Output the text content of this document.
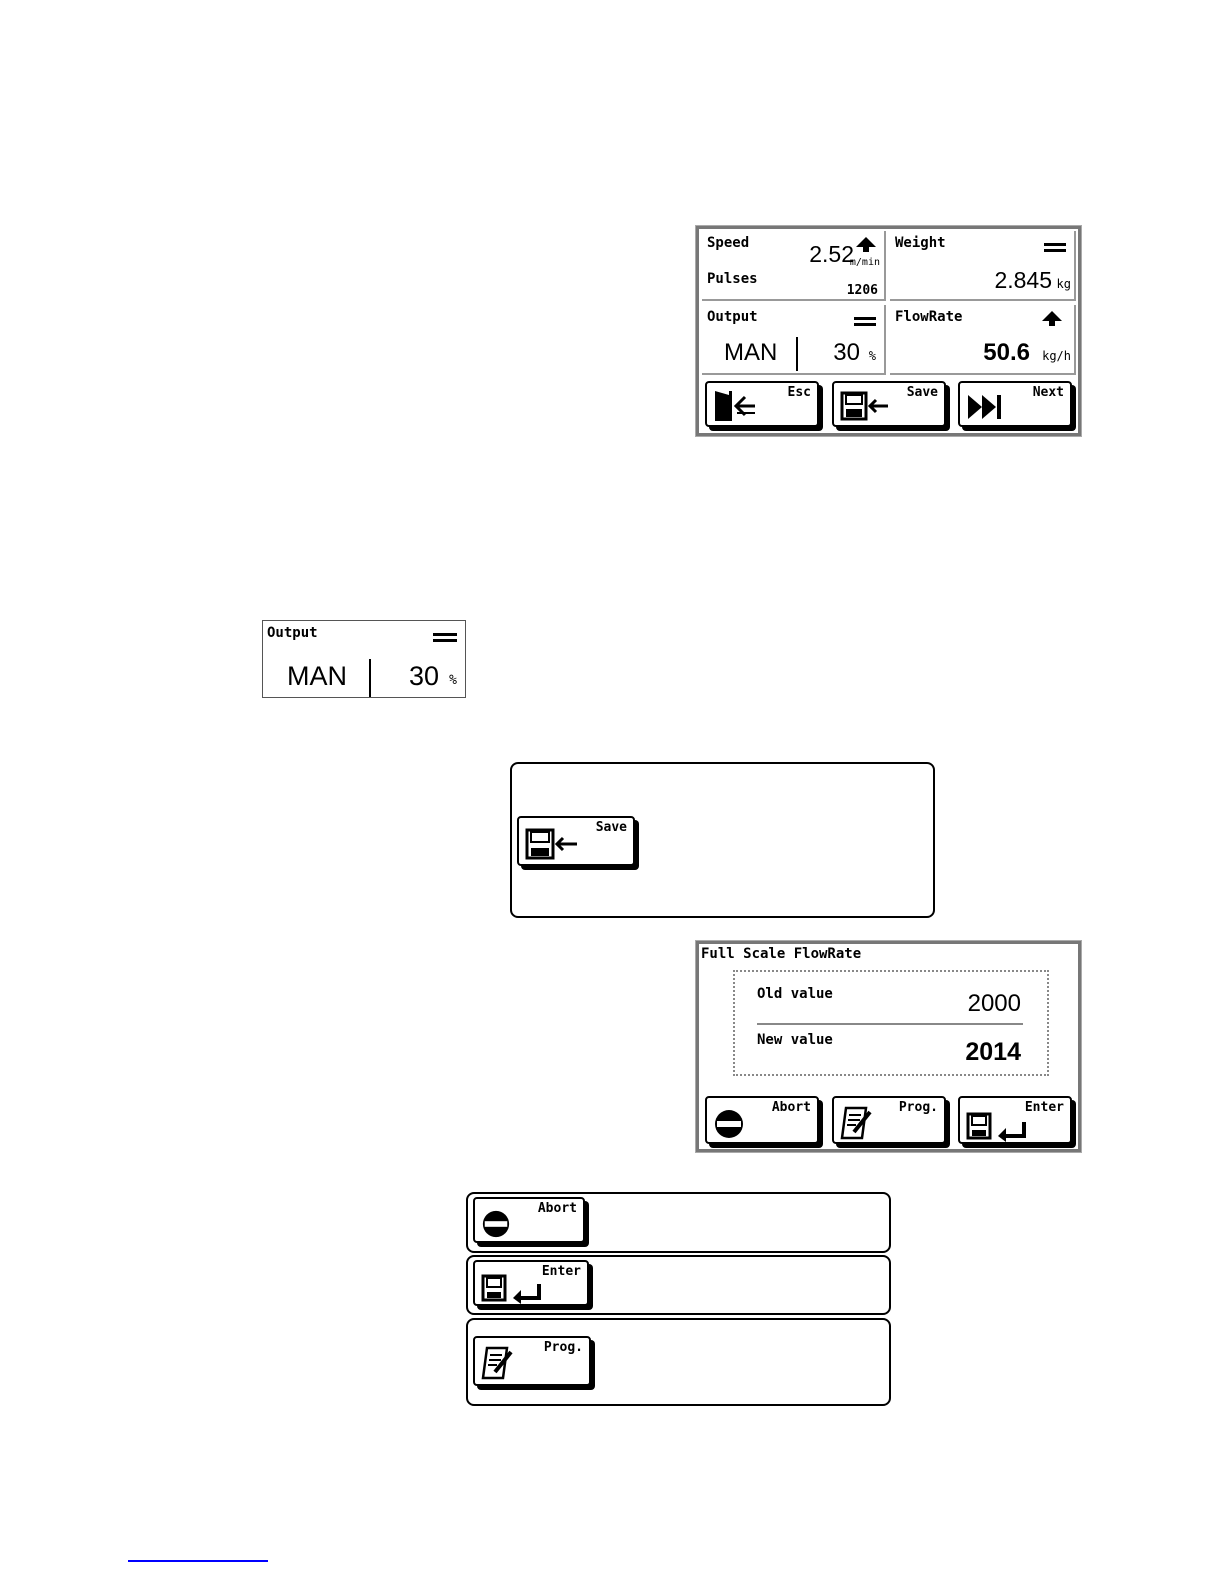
Speed	2.52
m/min
Pulses
1206
Weight
2.845 kg
Output
MAN 30 %
FlowRate
50.6 kg/h
Esc	Save	Next
Output
MAN 30 %
Save
Full Scale FlowRate
Old value	2000
New value	2014
Abort	Prog.	Enter
Abort
Enter
Prog.
